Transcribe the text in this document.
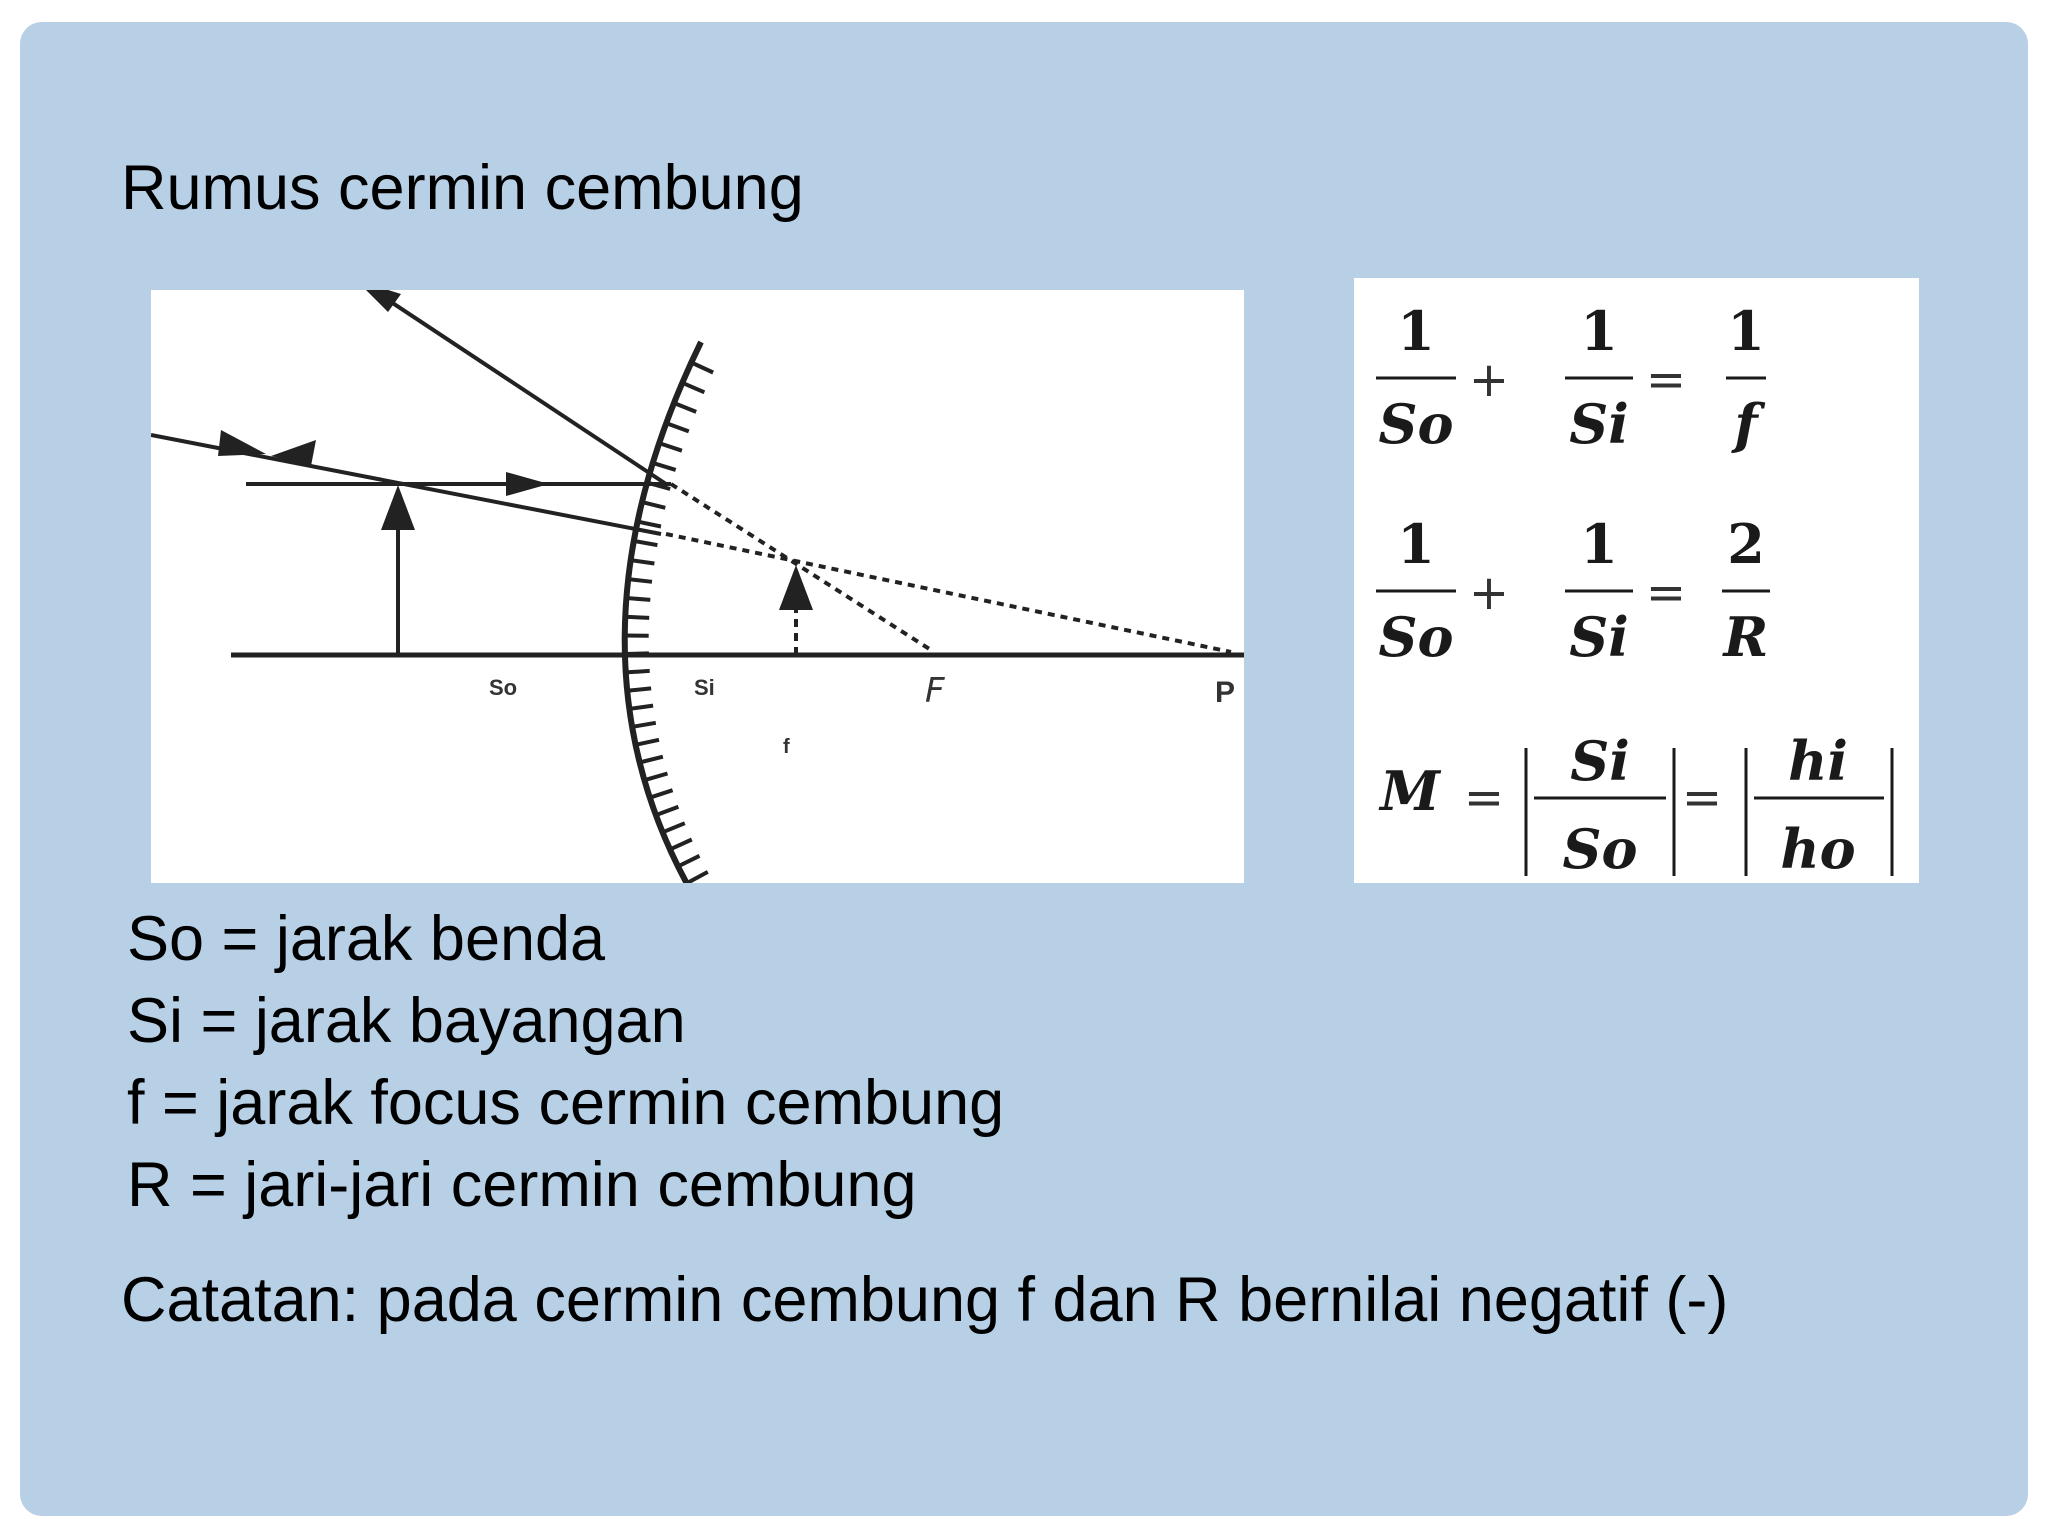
Rumus cermin cembung
So	Si	F	P
f
1
So
+
1
Si
=
1
f
1
So
+
1
Si
=
2
R
M =
Si
So
=
hi
ho
So = jarak benda
Si = jarak bayangan
f = jarak focus cermin cembung
R = jari-jari cermin cembung
Catatan: pada cermin cembung f dan R bernilai negatif (-)
